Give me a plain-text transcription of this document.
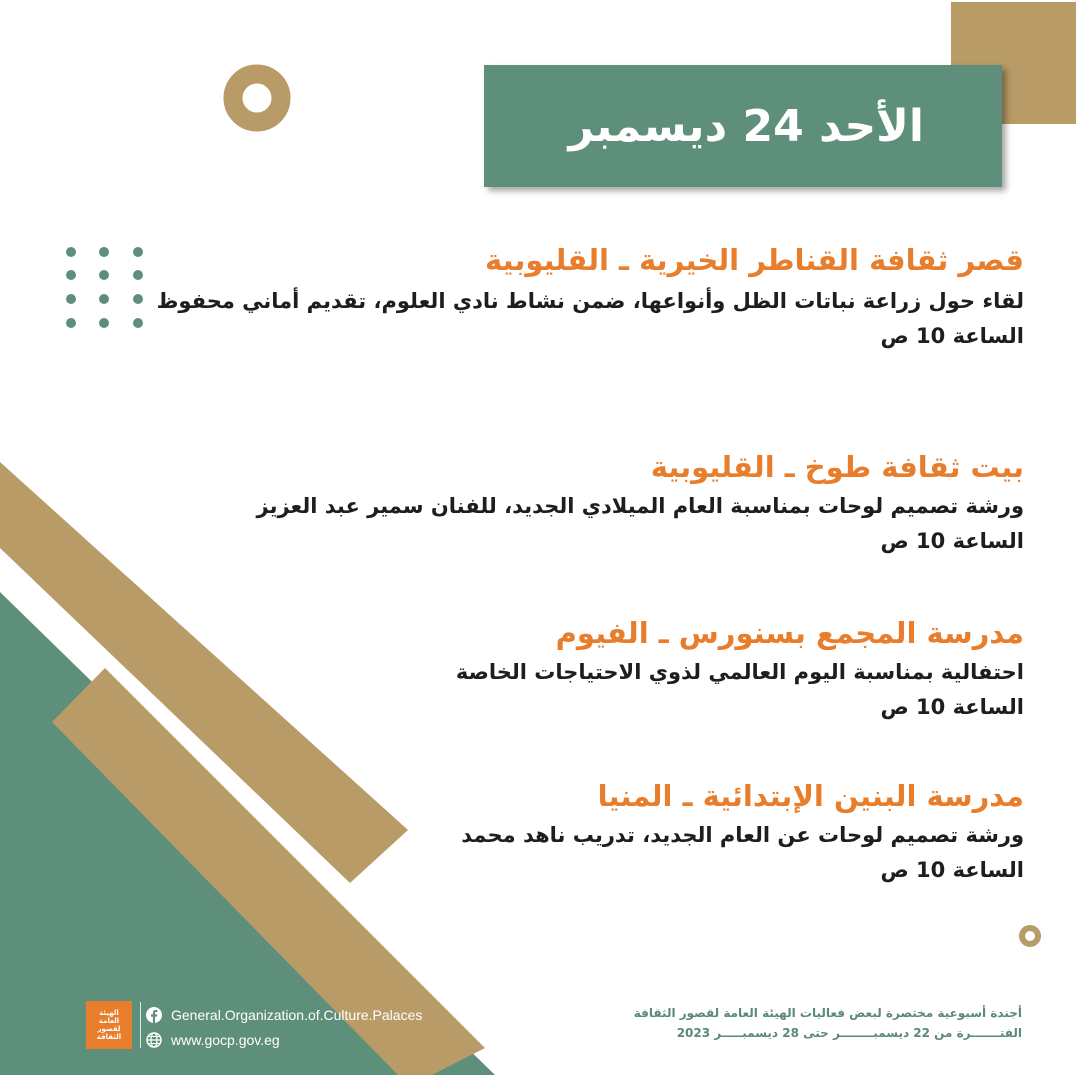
الأحد 24 ديسمبر
قصر ثقافة القناطر الخيرية ـ القليوبية
لقاء حول زراعة نباتات الظل وأنواعها، ضمن نشاط نادي العلوم، تقديم أماني محفوظ
الساعة 10 ص
بيت ثقافة طوخ ـ القليوبية
ورشة تصميم لوحات بمناسبة العام الميلادي الجديد، للفنان سمير عبد العزيز
الساعة 10 ص
مدرسة المجمع بسنورس ـ الفيوم
احتفالية بمناسبة اليوم العالمي لذوي الاحتياجات الخاصة
الساعة 10 ص
مدرسة البنين الإبتدائية ـ المنيا
ورشة تصميم لوحات عن العام الجديد، تدريب ناهد محمد
الساعة 10 ص
الهيئة العامة لقصور الثقافة
General.Organization.of.Culture.Palaces
www.gocp.gov.eg
أجندة أسبوعية مختصرة لبعض فعاليات الهيئة العامة لقصور الثقافة
الفتـــــــرة من 22 ديسمبــــــــر حتى 28 ديسمبـــــر 2023
